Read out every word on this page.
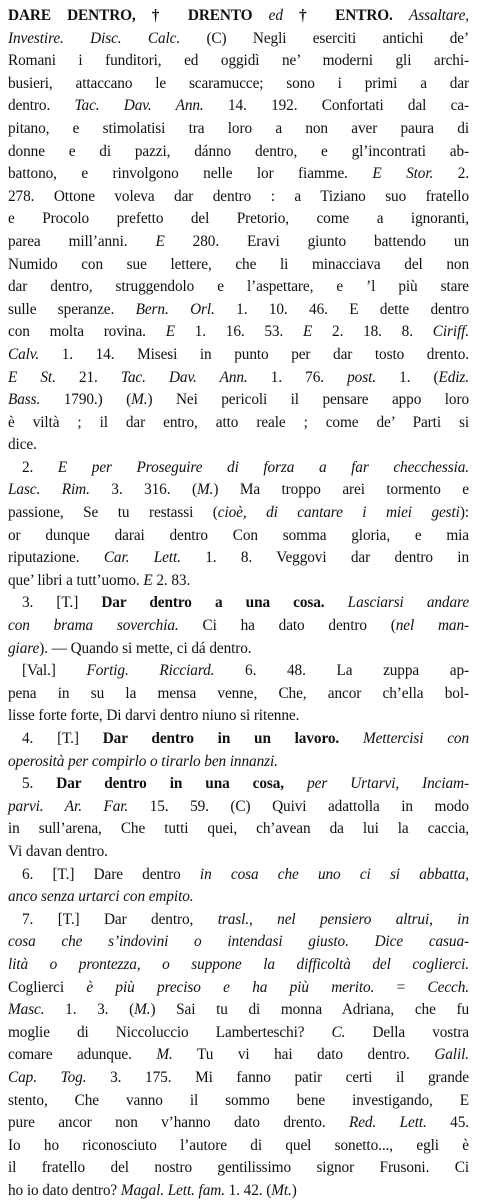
DARE DENTRO, † DRENTO ed † ENTRO. Assaltare,
Investire. Disc. Calc. (C) Negli eserciti antichi de’
Romani i funditori, ed oggidì ne’ moderni gli archi-
busieri, attaccano le scaramucce; sono i primi a dar
dentro. Tac. Dav. Ann. 14. 192. Confortati dal ca-
pitano, e stimolatisi tra loro a non aver paura di
donne e di pazzi, dánno dentro, e gl’incontrati ab-
battono, e rinvolgono nelle lor fiamme. E Stor. 2.
278. Ottone voleva dar dentro : a Tiziano suo fratello
e Procolo prefetto del Pretorio, come a ignoranti,
parea mill’anni. E 280. Eravi giunto battendo un
Numido con sue lettere, che li minacciava del non
dar dentro, struggendolo e l’aspettare, e ’l più stare
sulle speranze. Bern. Orl. 1. 10. 46. E dette dentro
con molta rovina. E 1. 16. 53. E 2. 18. 8. Ciriff.
Calv. 1. 14. Misesi in punto per dar tosto drento.
E St. 21. Tac. Dav. Ann. 1. 76. post. 1. (Ediz.
Bass. 1790.) (M.) Nei pericoli il pensare appo loro
è viltà ; il dar entro, atto reale ; come de’ Parti si
dice.
2. E per Proseguire di forza a far checchessia.
Lasc. Rim. 3. 316. (M.) Ma troppo arei tormento e
passione, Se tu restassi (cioè, di cantare i miei gesti):
or dunque darai dentro Con somma gloria, e mia
riputazione. Car. Lett. 1. 8. Veggovi dar dentro in
que’ libri a tutt’uomo. E 2. 83.
3. [T.] Dar dentro a una cosa. Lasciarsi andare
con brama soverchia. Ci ha dato dentro (nel man-
giare). — Quando si mette, ci dá dentro.
[Val.] Fortig. Ricciard. 6. 48. La zuppa ap-
pena in su la mensa venne, Che, ancor ch’ella bol-
lisse forte forte, Di darvi dentro niuno si ritenne.
4. [T.] Dar dentro in un lavoro. Mettercisi con
operosità per compirlo o tirarlo ben innanzi.
5. Dar dentro in una cosa, per Urtarvi, Inciam-
parvi. Ar. Far. 15. 59. (C) Quivi adattolla in modo
in sull’arena, Che tutti quei, ch’avean da lui la caccia,
Vi davan dentro.
6. [T.] Dare dentro in cosa che uno ci si abbatta,
anco senza urtarci con empito.
7. [T.] Dar dentro, trasl., nel pensiero altrui, in
cosa che s’indovini o intendasi giusto. Dice casua-
lità o prontezza, o suppone la difficoltà del coglierci.
Coglierci è più preciso e ha più merito. = Cecch.
Masc. 1. 3. (M.) Sai tu di monna Adriana, che fu
moglie di Niccoluccio Lamberteschi? C. Della vostra
comare adunque. M. Tu vi hai dato dentro. Galil.
Cap. Tog. 3. 175. Mi fanno patir certi il grande
stento, Che vanno il sommo bene investigando, E
pure ancor non v’hanno dato drento. Red. Lett. 45.
Io ho riconosciuto l’autore di quel sonetto..., egli è
il fratello del nostro gentilissimo signor Frusoni. Ci
ho io dato dentro? Magal. Lett. fam. 1. 42. (Mt.)
